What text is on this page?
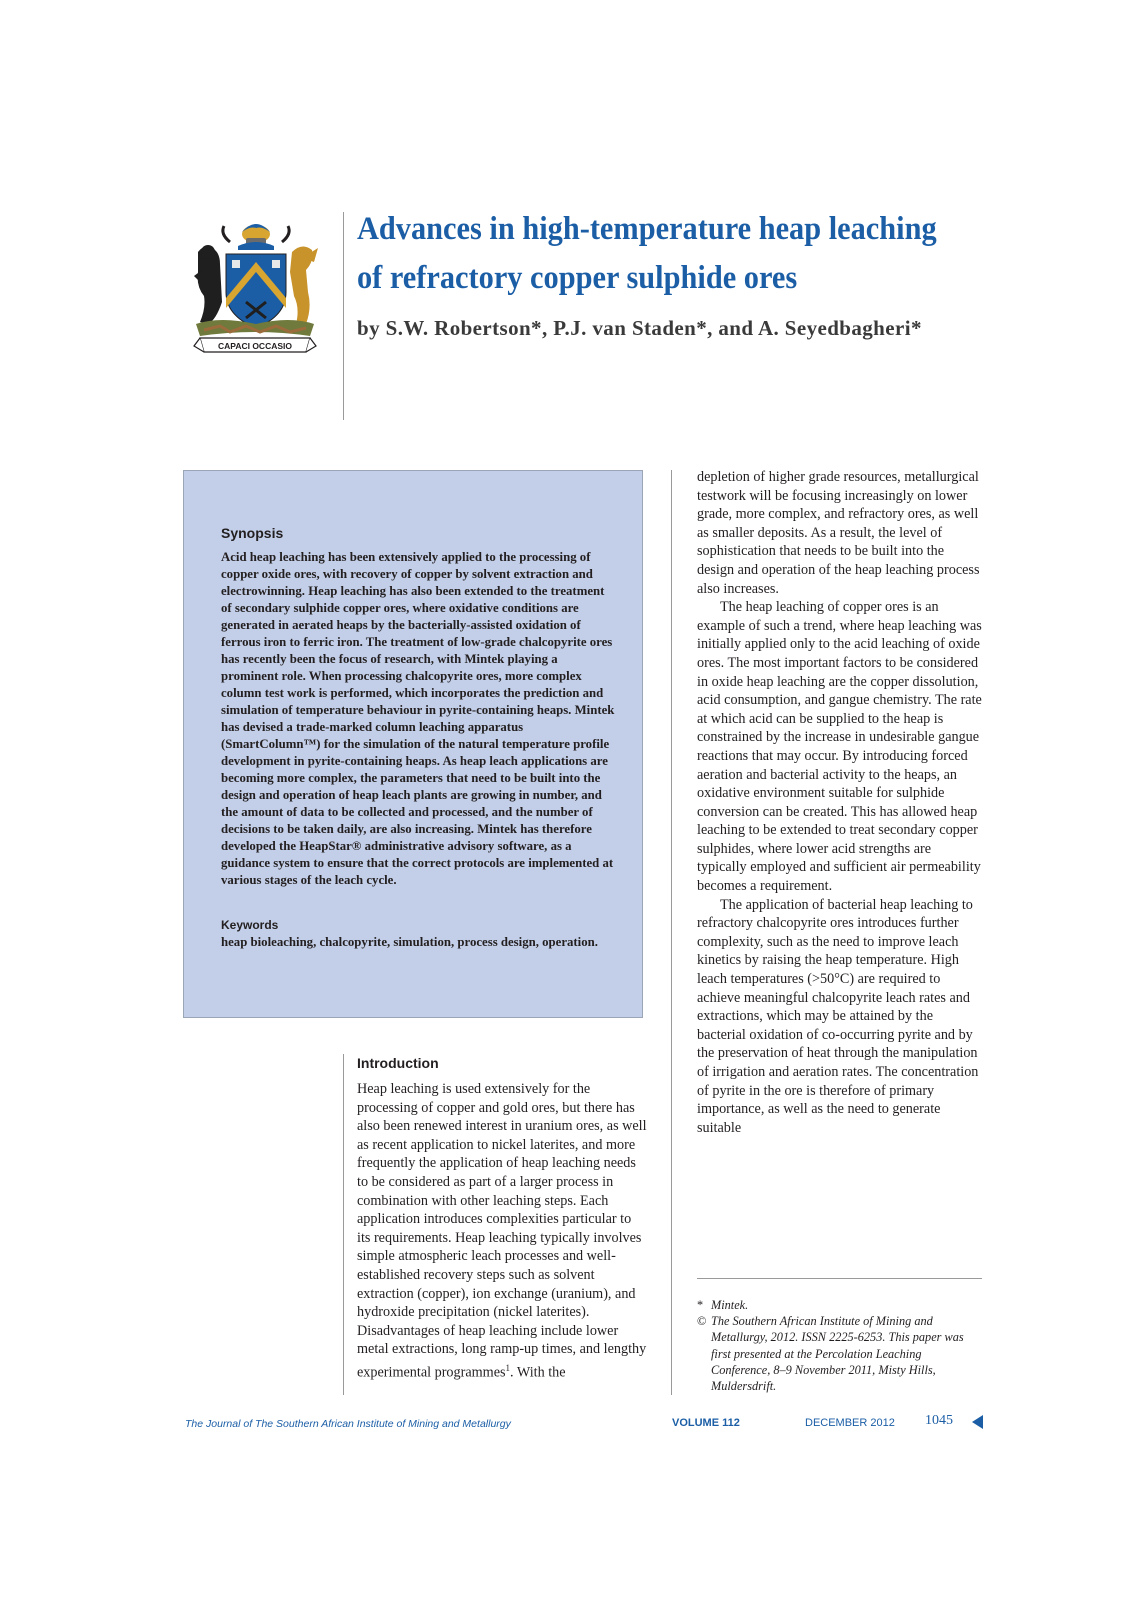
CAPACI OCCASIO
Advances in high-temperature heap leaching
of refractory copper sulphide ores
by S.W. Robertson*, P.J. van Staden*, and A. Seyedbagheri*
Synopsis
Acid heap leaching has been extensively applied to the processing of copper oxide ores, with recovery of copper by solvent extraction and electrowinning. Heap leaching has also been extended to the treatment of secondary sulphide copper ores, where oxidative conditions are generated in aerated heaps by the bacterially-assisted oxidation of ferrous iron to ferric iron. The treatment of low-grade chalcopyrite ores has recently been the focus of research, with Mintek playing a prominent role. When processing chalcopyrite ores, more complex column test work is performed, which incorporates the prediction and simulation of temperature behaviour in pyrite-containing heaps. Mintek has devised a trade-marked column leaching apparatus (SmartColumn™) for the simulation of the natural temperature profile development in pyrite-containing heaps. As heap leach applications are becoming more complex, the parameters that need to be built into the design and operation of heap leach plants are growing in number, and the amount of data to be collected and processed, and the number of decisions to be taken daily, are also increasing. Mintek has therefore developed the HeapStar® administrative advisory software, as a guidance system to ensure that the correct protocols are implemented at various stages of the leach cycle.
Keywords
heap bioleaching, chalcopyrite, simulation, process design, operation.
Introduction
Heap leaching is used extensively for the processing of copper and gold ores, but there has also been renewed interest in uranium ores, as well as recent application to nickel laterites, and more frequently the application of heap leaching needs to be considered as part of a larger process in combination with other leaching steps. Each application introduces complexities particular to its requirements. Heap leaching typically involves simple atmospheric leach processes and well-established recovery steps such as solvent extraction (copper), ion exchange (uranium), and hydroxide precipitation (nickel laterites). Disadvantages of heap leaching include lower metal extractions, long ramp-up times, and lengthy experimental programmes$^1$. With the

depletion of higher grade resources, metallurgical testwork will be focusing increasingly on lower grade, more complex, and refractory ores, as well as smaller deposits. As a result, the level of sophistication that needs to be built into the design and operation of the heap leaching process also increases.

The heap leaching of copper ores is an example of such a trend, where heap leaching was initially applied only to the acid leaching of oxide ores. The most important factors to be considered in oxide heap leaching are the copper dissolution, acid consumption, and gangue chemistry. The rate at which acid can be supplied to the heap is constrained by the increase in undesirable gangue reactions that may occur. By introducing forced aeration and bacterial activity to the heaps, an oxidative environment suitable for sulphide conversion can be created. This has allowed heap leaching to be extended to treat secondary copper sulphides, where lower acid strengths are typically employed and sufficient air permeability becomes a requirement.

The application of bacterial heap leaching to refractory chalcopyrite ores introduces further complexity, such as the need to improve leach kinetics by raising the heap temperature. High leach temperatures (>50°C) are required to achieve meaningful chalcopyrite leach rates and extractions, which may be attained by the bacterial oxidation of co-occurring pyrite and by the preservation of heat through the manipulation of irrigation and aeration rates. The concentration of pyrite in the ore is therefore of primary importance, as well as the need to generate suitable

* Mintek.

© The Southern African Institute of Mining and Metallurgy, 2012. ISSN 2225-6253. This paper was first presented at the Percolation Leaching Conference, 8–9 November 2011, Misty Hills, Muldersdrift.

The Journal of The Southern African Institute of Mining and Metallurgy	VOLUME 112	DECEMBER 2012 1045
